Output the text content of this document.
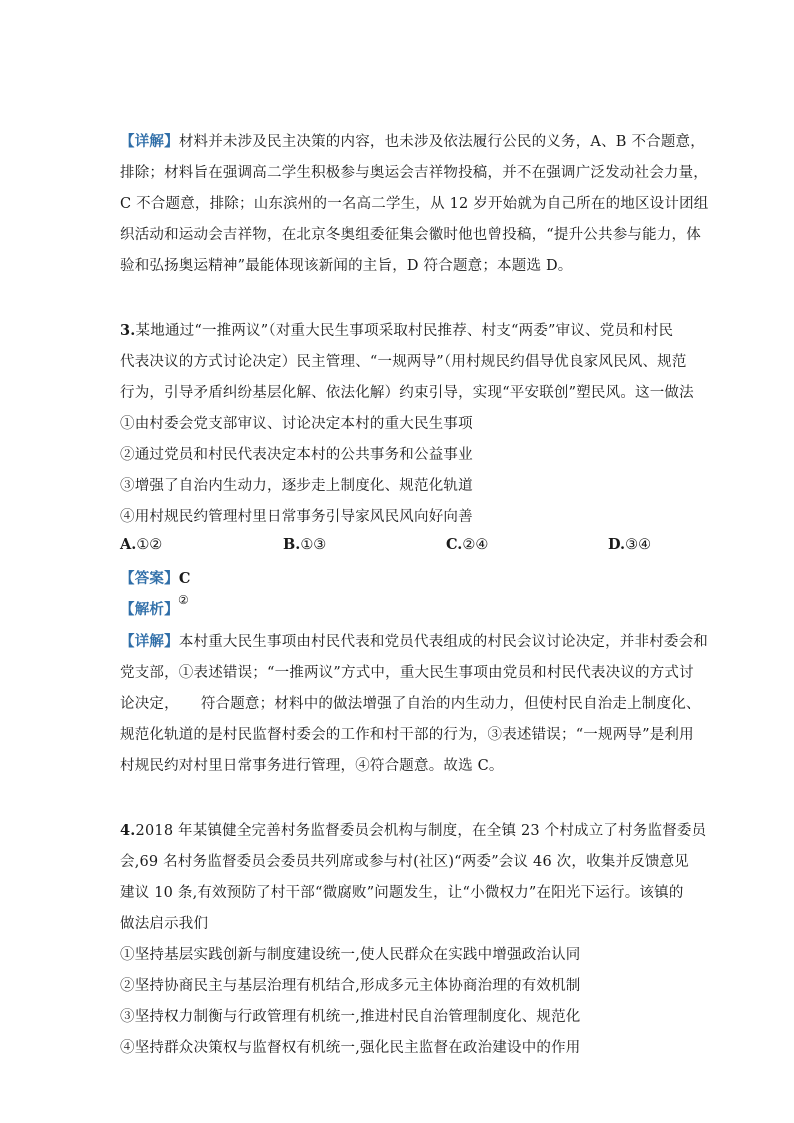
【详解】材料并未涉及民主决策的内容，也未涉及依法履行公民的义务，A、B 不合题意，
排除；材料旨在强调高二学生积极参与奥运会吉祥物投稿，并不在强调广泛发动社会力量，
C 不合题意，排除；山东滨州的一名高二学生，从 12 岁开始就为自己所在的地区设计团组
织活动和运动会吉祥物，在北京冬奥组委征集会徽时他也曾投稿，“提升公共参与能力，体
验和弘扬奥运精神”最能体现该新闻的主旨，D 符合题意；本题选 D。
3.某地通过“一推两议”（对重大民生事项采取村民推荐、村支“两委”审议、党员和村民
代表决议的方式讨论决定）民主管理、“一规两导”（用村规民约倡导优良家风民风、规范
行为，引导矛盾纠纷基层化解、依法化解）约束引导，实现“平安联创”塑民风。这一做法
①由村委会党支部审议、讨论决定本村的重大民生事项
②通过党员和村民代表决定本村的公共事务和公益事业
③增强了自治内生动力，逐步走上制度化、规范化轨道
④用村规民约管理村里日常事务引导家风民风向好向善
A.①②	B.①③	C.②④	D.③④
【答案】C
【解析】
②
【详解】本村重大民生事项由村民代表和党员代表组成的村民会议讨论决定，并非村委会和
党支部，①表述错误；“一推两议”方式中，重大民生事项由党员和村民代表决议的方式讨
论决定， 符合题意；材料中的做法增强了自治的内生动力，但使村民自治走上制度化、
规范化轨道的是村民监督村委会的工作和村干部的行为，③表述错误；“一规两导”是利用
村规民约对村里日常事务进行管理，④符合题意。故选 C。
4.2018 年某镇健全完善村务监督委员会机构与制度，在全镇 23 个村成立了村务监督委员
会,69 名村务监督委员会委员共列席或参与村(社区)“两委”会议 46 次，收集并反馈意见
建议 10 条,有效预防了村干部“微腐败”问题发生，让“小微权力”在阳光下运行。该镇的
做法启示我们
①坚持基层实践创新与制度建设统一,使人民群众在实践中增强政治认同
②坚持协商民主与基层治理有机结合,形成多元主体协商治理的有效机制
③坚持权力制衡与行政管理有机统一,推进村民自治管理制度化、规范化
④坚持群众决策权与监督权有机统一,强化民主监督在政治建设中的作用
